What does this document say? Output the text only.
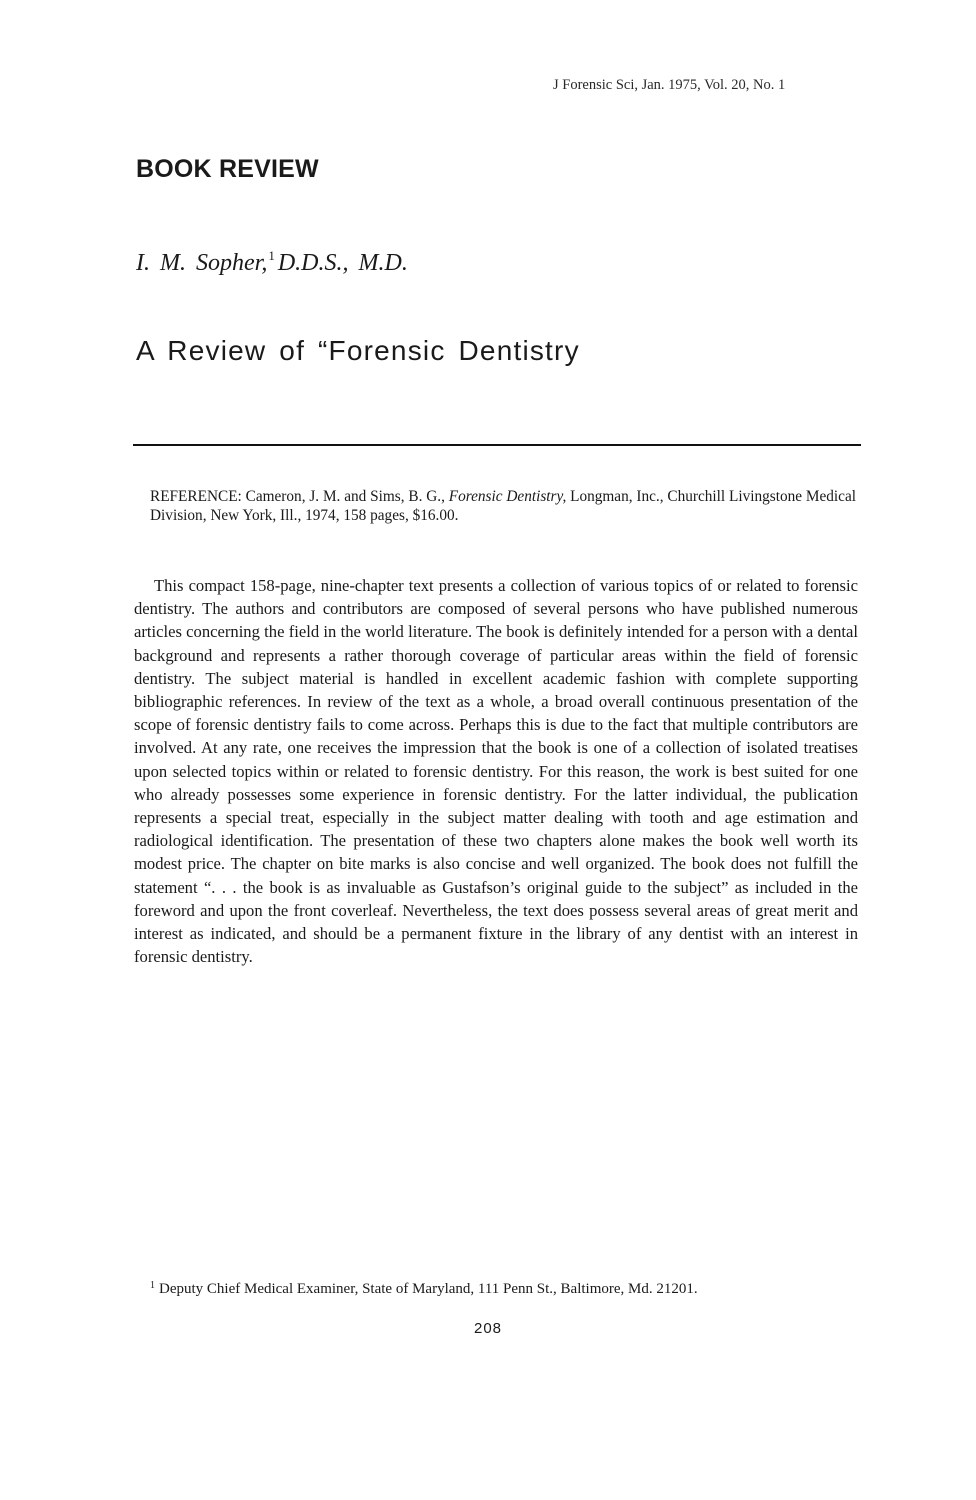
J Forensic Sci, Jan. 1975, Vol. 20, No. 1
BOOK REVIEW
I. M. Sopher,$^1$ D.D.S., M.D.
A Review of “Forensic Dentistry
REFERENCE: Cameron, J. M. and Sims, B. G., Forensic Dentistry, Longman, Inc., Churchill Livingstone Medical Division, New York, Ill., 1974, 158 pages, $16.00.
This compact 158-page, nine-chapter text presents a collection of various topics of or related to forensic dentistry. The authors and contributors are composed of several persons who have published numerous articles concerning the field in the world literature. The book is definitely intended for a person with a dental background and represents a rather thorough coverage of particular areas within the field of forensic dentistry. The subject material is handled in excellent academic fashion with complete supporting bibliographic references. In review of the text as a whole, a broad overall continuous presentation of the scope of forensic dentistry fails to come across. Perhaps this is due to the fact that multiple contributors are involved. At any rate, one receives the impression that the book is one of a collection of isolated treatises upon selected topics within or related to forensic dentistry. For this reason, the work is best suited for one who already possesses some experience in forensic dentistry. For the latter individual, the publication represents a special treat, especially in the subject matter dealing with tooth and age estimation and radiological identification. The presentation of these two chapters alone makes the book well worth its modest price. The chapter on bite marks is also concise and well organized. The book does not fulfill the statement “. . . the book is as invaluable as Gustafson’s original guide to the subject” as included in the foreword and upon the front coverleaf. Nevertheless, the text does possess several areas of great merit and interest as indicated, and should be a permanent fixture in the library of any dentist with an interest in forensic dentistry.
$^1$ Deputy Chief Medical Examiner, State of Maryland, 111 Penn St., Baltimore, Md. 21201.
208
